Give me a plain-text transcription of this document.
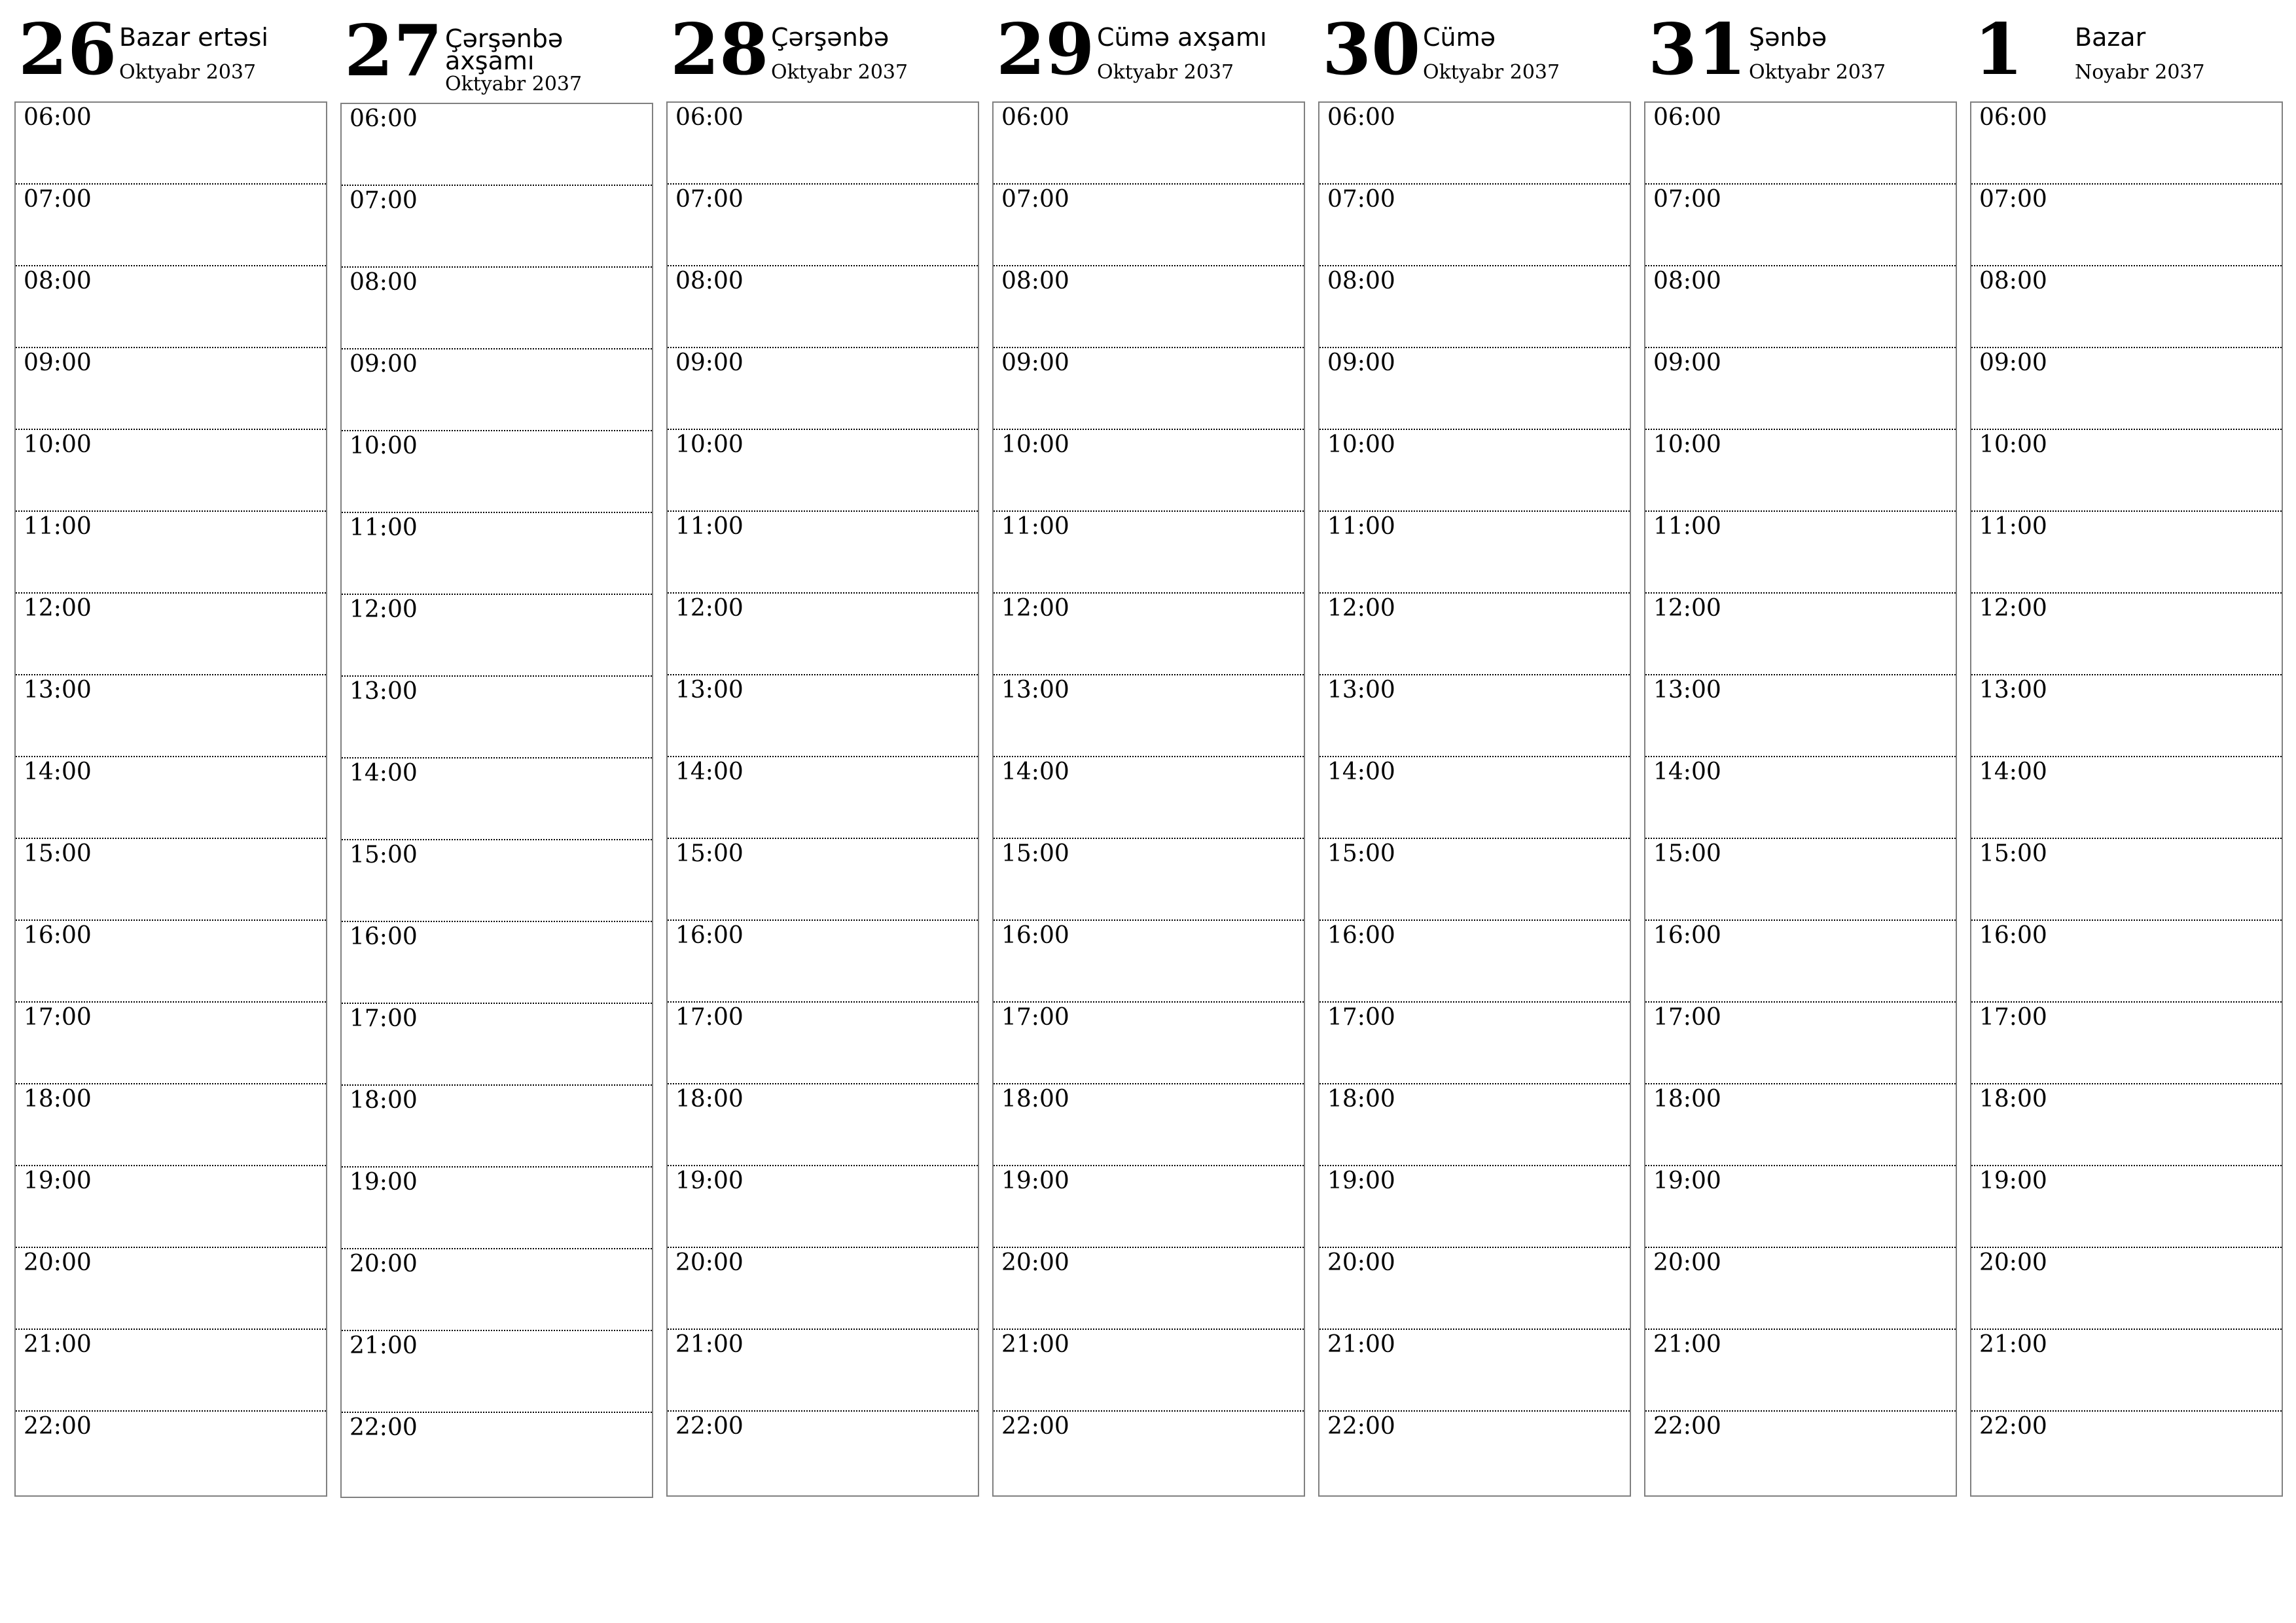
26 Bazar ertəsi
Oktyabr 2037
06:00
07:00
08:00
09:00
10:00
11:00
12:00
13:00
14:00
15:00
16:00
17:00
18:00
19:00
20:00
21:00
22:00
27 Çərşənbə axşamı
Oktyabr 2037
06:00
07:00
08:00
09:00
10:00
11:00
12:00
13:00
14:00
15:00
16:00
17:00
18:00
19:00
20:00
21:00
22:00
28 Çərşənbə
Oktyabr 2037
06:00
07:00
08:00
09:00
10:00
11:00
12:00
13:00
14:00
15:00
16:00
17:00
18:00
19:00
20:00
21:00
22:00
29 Cümə axşamı
Oktyabr 2037
06:00
07:00
08:00
09:00
10:00
11:00
12:00
13:00
14:00
15:00
16:00
17:00
18:00
19:00
20:00
21:00
22:00
30 Cümə
Oktyabr 2037
06:00
07:00
08:00
09:00
10:00
11:00
12:00
13:00
14:00
15:00
16:00
17:00
18:00
19:00
20:00
21:00
22:00
31 Şənbə
Oktyabr 2037
06:00
07:00
08:00
09:00
10:00
11:00
12:00
13:00
14:00
15:00
16:00
17:00
18:00
19:00
20:00
21:00
22:00
1 Bazar
Noyabr 2037
06:00
07:00
08:00
09:00
10:00
11:00
12:00
13:00
14:00
15:00
16:00
17:00
18:00
19:00
20:00
21:00
22:00
